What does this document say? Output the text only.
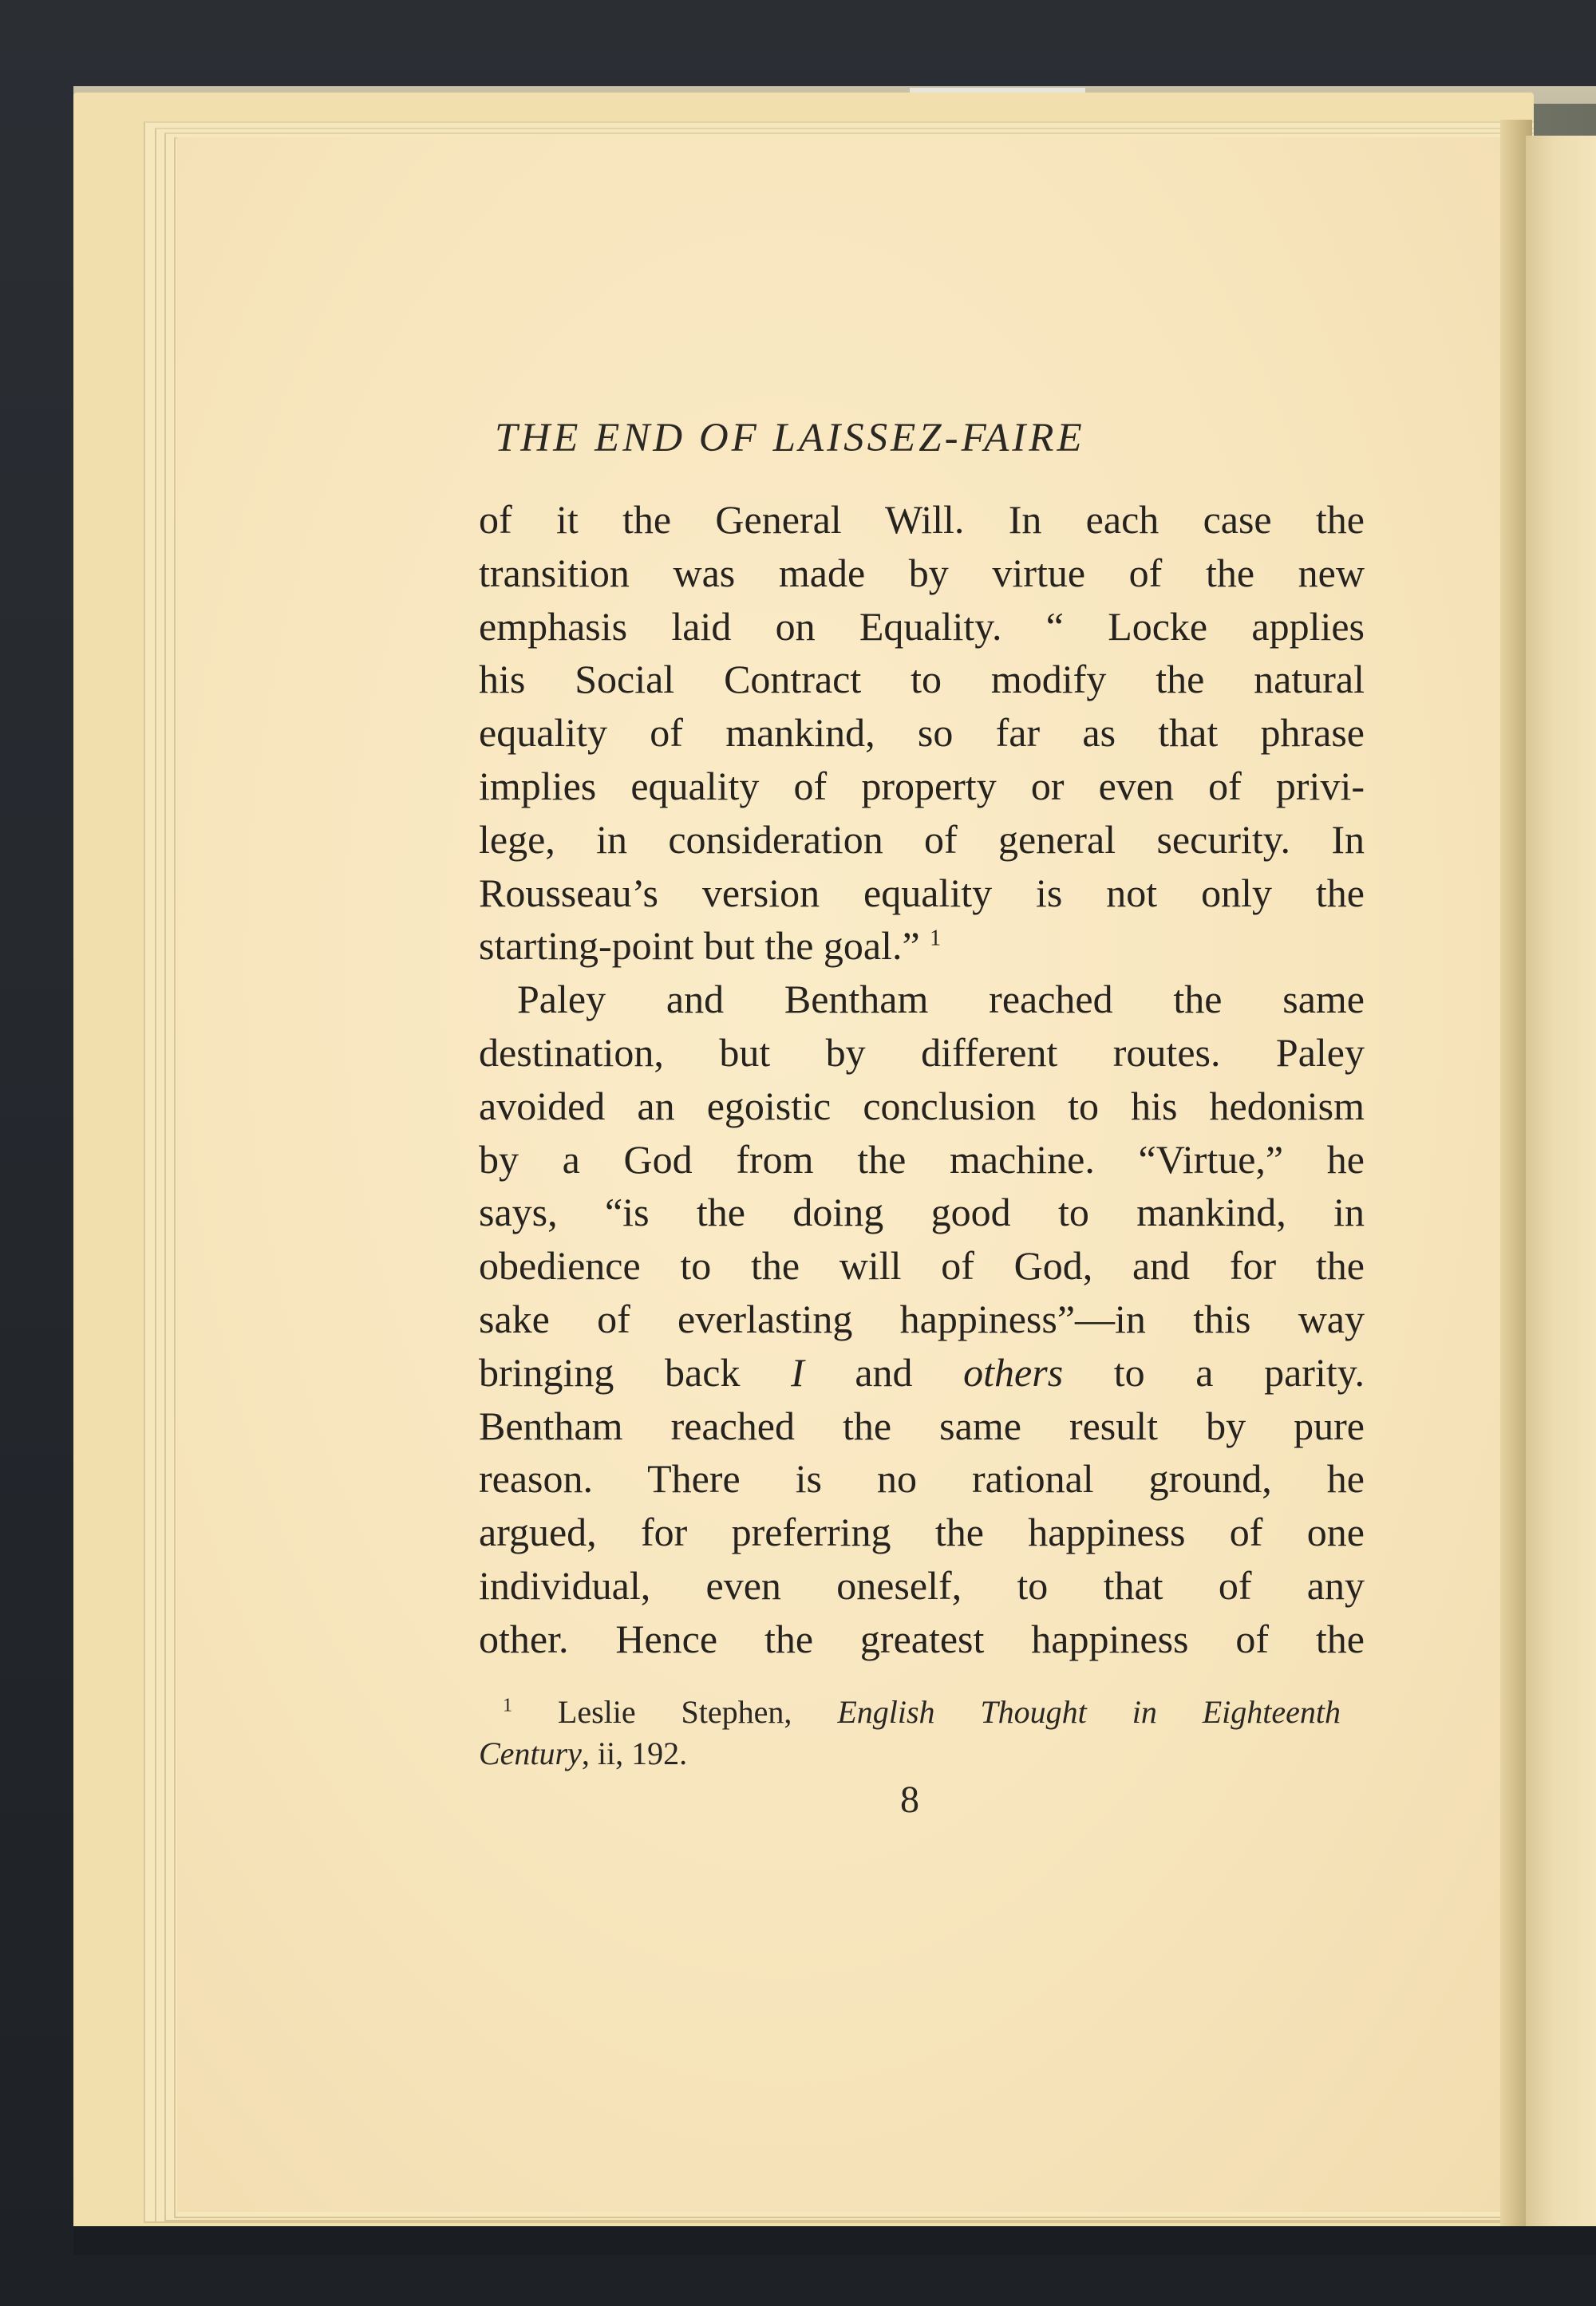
THE END OF LAISSEZ-FAIRE

of it the General Will. In each case the
transition was made by virtue of the new
emphasis laid on Equality. “ Locke applies
his Social Contract to modify the natural
equality of mankind, so far as that phrase
implies equality of property or even of privi-
lege, in consideration of general security. In
Rousseau’s version equality is not only the
starting-point but the goal.” $^1$

Paley and Bentham reached the same
destination, but by different routes. Paley
avoided an egoistic conclusion to his hedonism
by a God from the machine. “Virtue,” he
says, “is the doing good to mankind, in
obedience to the will of God, and for the
sake of everlasting happiness”—in this way
bringing back I and others to a parity.
Bentham reached the same result by pure
reason. There is no rational ground, he
argued, for preferring the happiness of one
individual, even oneself, to that of any
other. Hence the greatest happiness of the

$^1$ Leslie Stephen, English Thought in Eighteenth
Century, ii, 192.
8
